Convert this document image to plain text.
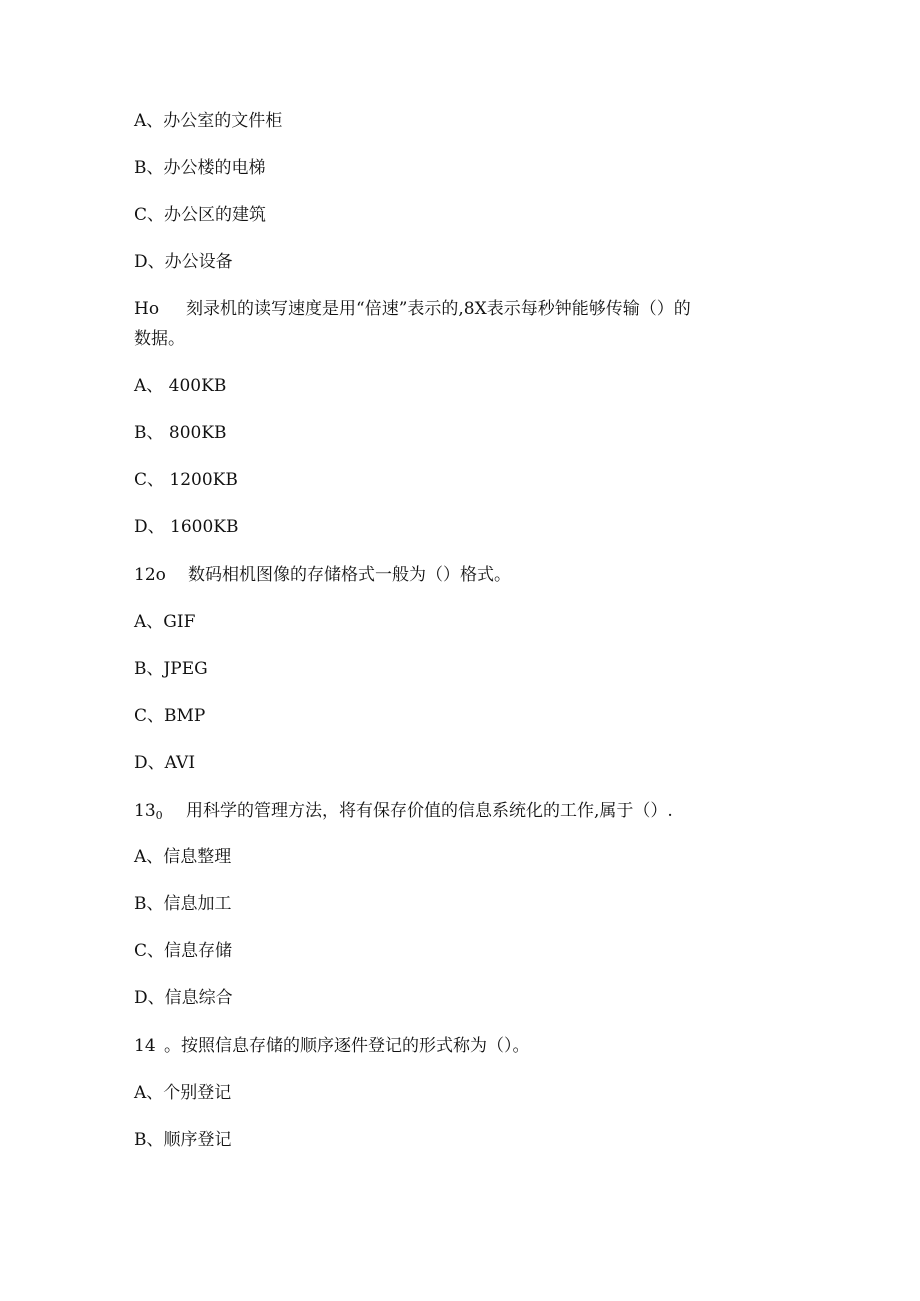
A、办公室的文件柜
B、办公楼的电梯
C、办公区的建筑
D、办公设备
Ho 刻录机的读写速度是用“倍速”表示的,8X表示每秒钟能够传输（）的
数据。
A、 400KB
B、 800KB
C、 1200KB
D、 1600KB
12o 数码相机图像的存储格式一般为（）格式。
A、GIF
B、JPEG
C、BMP
D、AVI
$13_0$ 用科学的管理方法，将有保存价值的信息系统化的工作,属于（）.
A、信息整理
B、信息加工
C、信息存储
D、信息综合
14 。按照信息存储的顺序逐件登记的形式称为（）。
A、个别登记
B、顺序登记
